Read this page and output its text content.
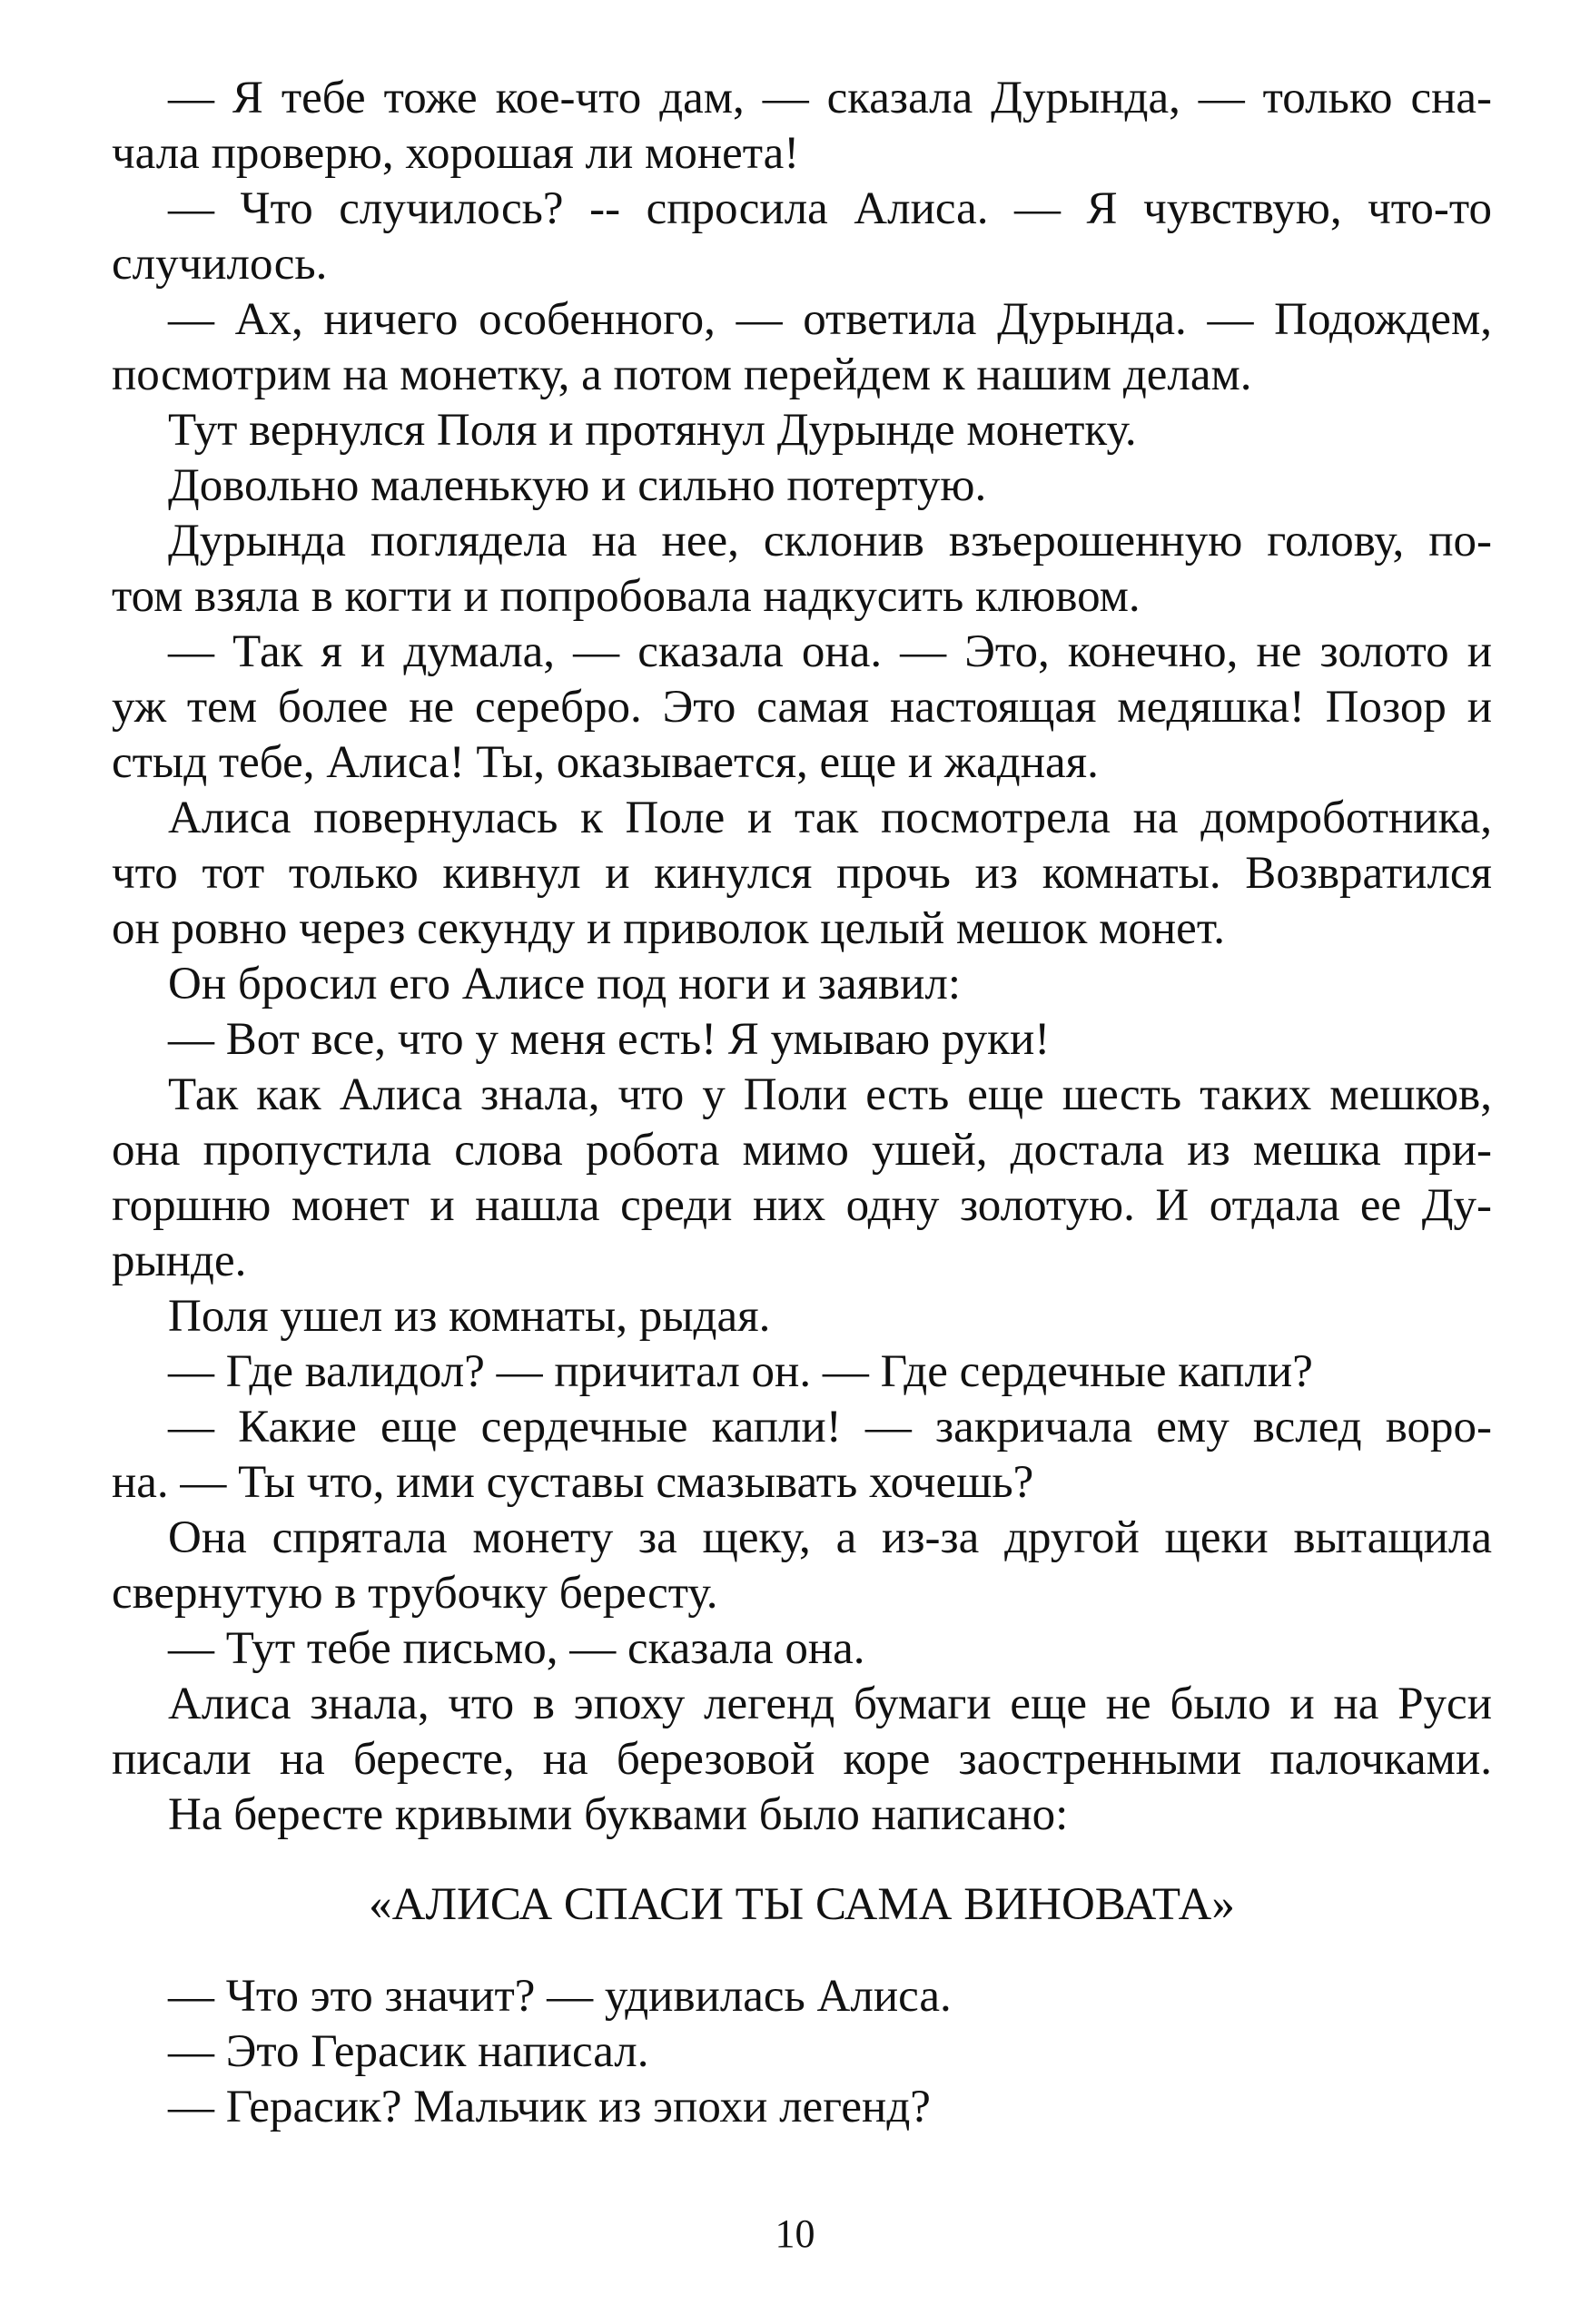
— Я тебе тоже кое-что дам, — сказала Дурында, — только сна-
чала проверю, хорошая ли монета!
— Что случилось? -- спросила Алиса. — Я чувствую, что-то
случилось.
— Ах, ничего особенного, — ответила Дурында. — Подождем,
посмотрим на монетку, а потом перейдем к нашим делам.
Тут вернулся Поля и протянул Дурынде монетку.
Довольно маленькую и сильно потертую.
Дурында поглядела на нее, склонив взъерошенную голову, по-
том взяла в когти и попробовала надкусить клювом.
— Так я и думала, — сказала она. — Это, конечно, не золото и
уж тем более не серебро. Это самая настоящая медяшка! Позор и
стыд тебе, Алиса! Ты, оказывается, еще и жадная.
Алиса повернулась к Поле и так посмотрела на домроботника,
что тот только кивнул и кинулся прочь из комнаты. Возвратился
он ровно через секунду и приволок целый мешок монет.
Он бросил его Алисе под ноги и заявил:
— Вот все, что у меня есть! Я умываю руки!
Так как Алиса знала, что у Поли есть еще шесть таких мешков,
она пропустила слова робота мимо ушей, достала из мешка при-
горшню монет и нашла среди них одну золотую. И отдала ее Ду-
рынде.
Поля ушел из комнаты, рыдая.
— Где валидол? — причитал он. — Где сердечные капли?
— Какие еще сердечные капли! — закричала ему вслед воро-
на. — Ты что, ими суставы смазывать хочешь?
Она спрятала монету за щеку, а из-за другой щеки вытащила
свернутую в трубочку бересту.
— Тут тебе письмо, — сказала она.
Алиса знала, что в эпоху легенд бумаги еще не было и на Руси
писали на бересте, на березовой коре заостренными палочками.
На бересте кривыми буквами было написано:
«АЛИСА СПАСИ ТЫ САМА ВИНОВАТА»
— Что это значит? — удивилась Алиса.
— Это Герасик написал.
— Герасик? Мальчик из эпохи легенд?
10
